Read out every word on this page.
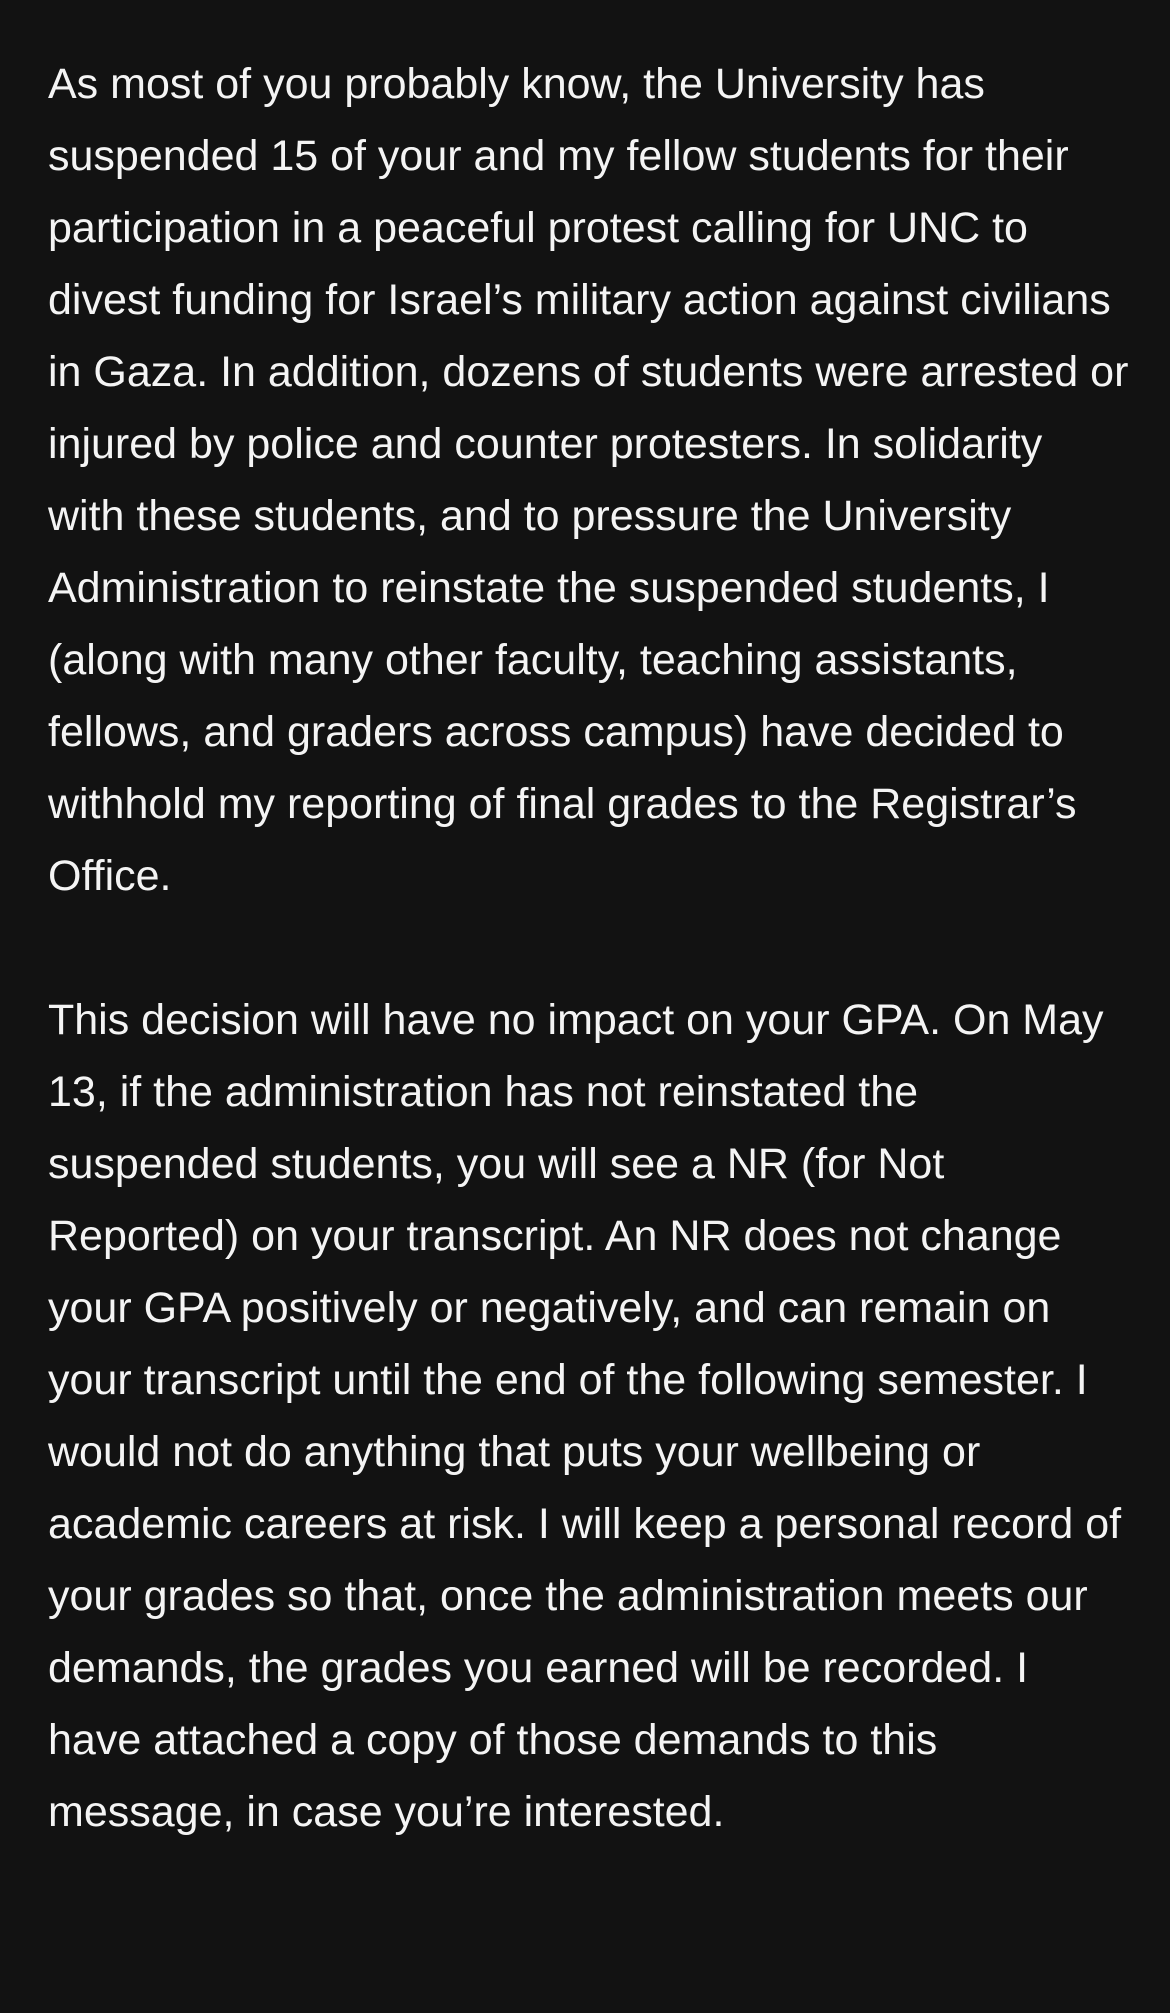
As most of you probably know, the University has suspended 15 of your and my fellow students for their participation in a peaceful protest calling for UNC to divest funding for Israel’s military action against civilians in Gaza. In addition, dozens of students were arrested or injured by police and counter protesters. In solidarity with these students, and to pressure the University Administration to reinstate the suspended students, I (along with many other faculty, teaching assistants, fellows, and graders across campus) have decided to withhold my reporting of final grades to the Registrar’s Office.

This decision will have no impact on your GPA. On May 13, if the administration has not reinstated the suspended students, you will see a NR (for Not Reported) on your transcript. An NR does not change your GPA positively or negatively, and can remain on your transcript until the end of the following semester. I would not do anything that puts your wellbeing or academic careers at risk. I will keep a personal record of your grades so that, once the administration meets our demands, the grades you earned will be recorded. I have attached a copy of those demands to this message, in case you’re interested.
